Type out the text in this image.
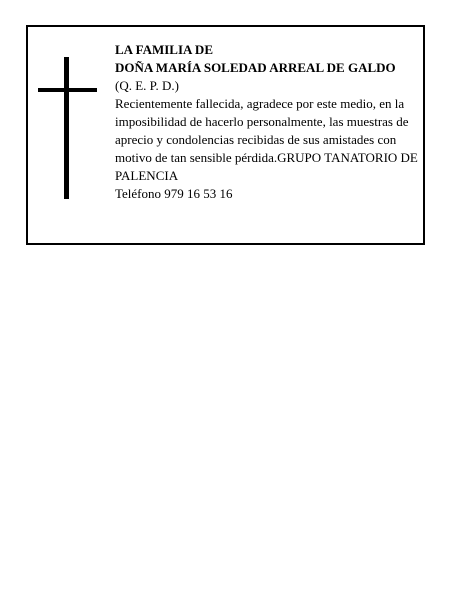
LA FAMILIA DE
DOÑA MARÍA SOLEDAD ARREAL DE GALDO
(Q. E. P. D.)
Recientemente fallecida, agradece por este medio, en la imposibilidad de hacerlo personalmente, las muestras de aprecio y condolencias recibidas de sus amistades con motivo de tan sensible pérdida.GRUPO TANATORIO DE PALENCIA
Teléfono 979 16 53 16
